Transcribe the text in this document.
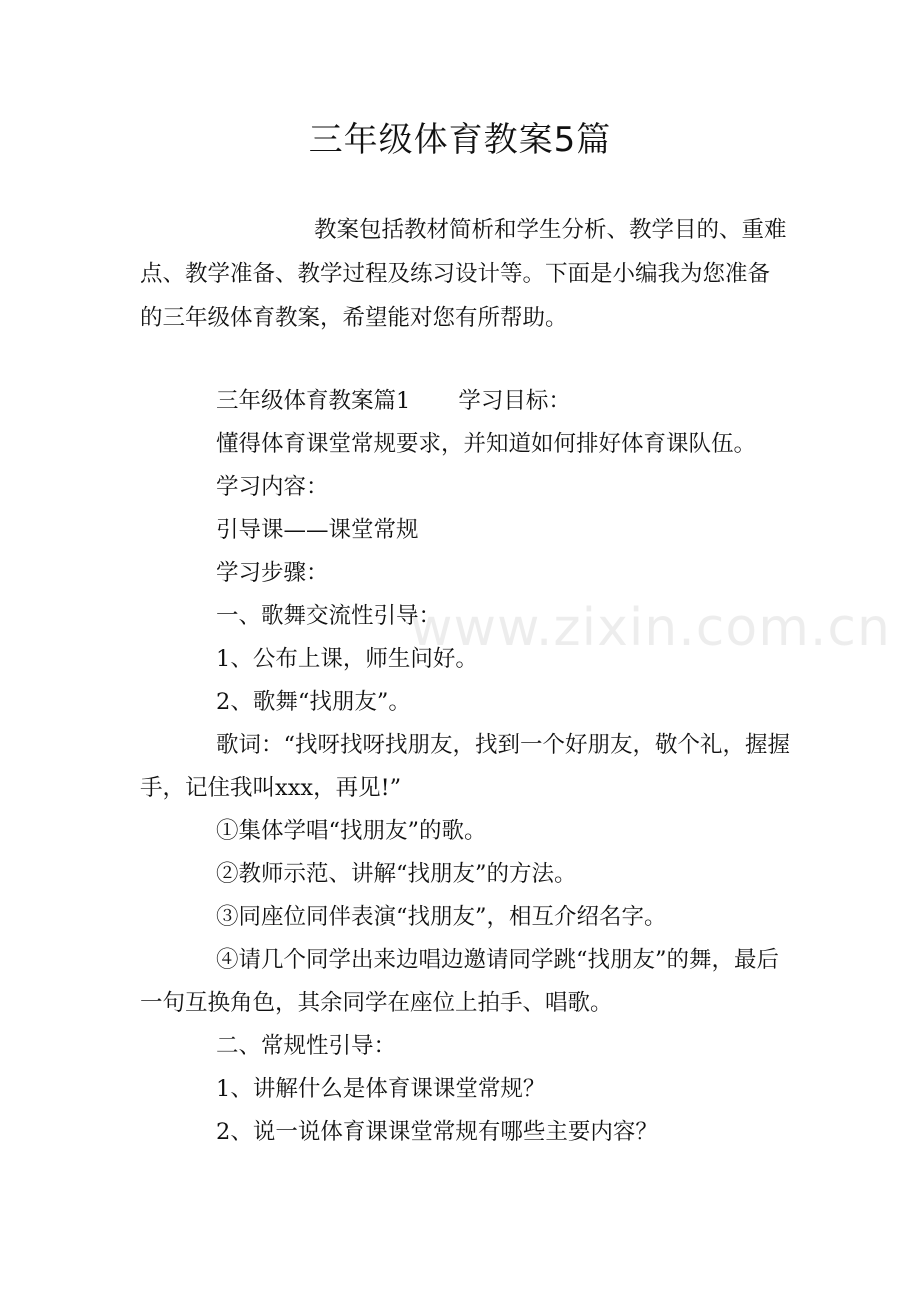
www.zixin.com.cn
三年级体育教案5篇
教案包括教材简析和学生分析、教学目的、重难点、教学准备、教学过程及练习设计等。下面是小编我为您准备的三年级体育教案，希望能对您有所帮助。

三年级体育教案篇1 学习目标：

懂得体育课堂常规要求，并知道如何排好体育课队伍。

学习内容：

引导课——课堂常规

学习步骤：

一、歌舞交流性引导：

1、公布上课，师生问好。

2、歌舞“找朋友”。

歌词：“找呀找呀找朋友，找到一个好朋友，敬个礼，握握手，记住我叫xxx，再见!”

①集体学唱“找朋友”的歌。

②教师示范、讲解“找朋友”的方法。

③同座位同伴表演“找朋友”，相互介绍名字。

④请几个同学出来边唱边邀请同学跳“找朋友”的舞，最后一句互换角色，其余同学在座位上拍手、唱歌。

二、常规性引导：

1、讲解什么是体育课课堂常规？

2、说一说体育课课堂常规有哪些主要内容？
